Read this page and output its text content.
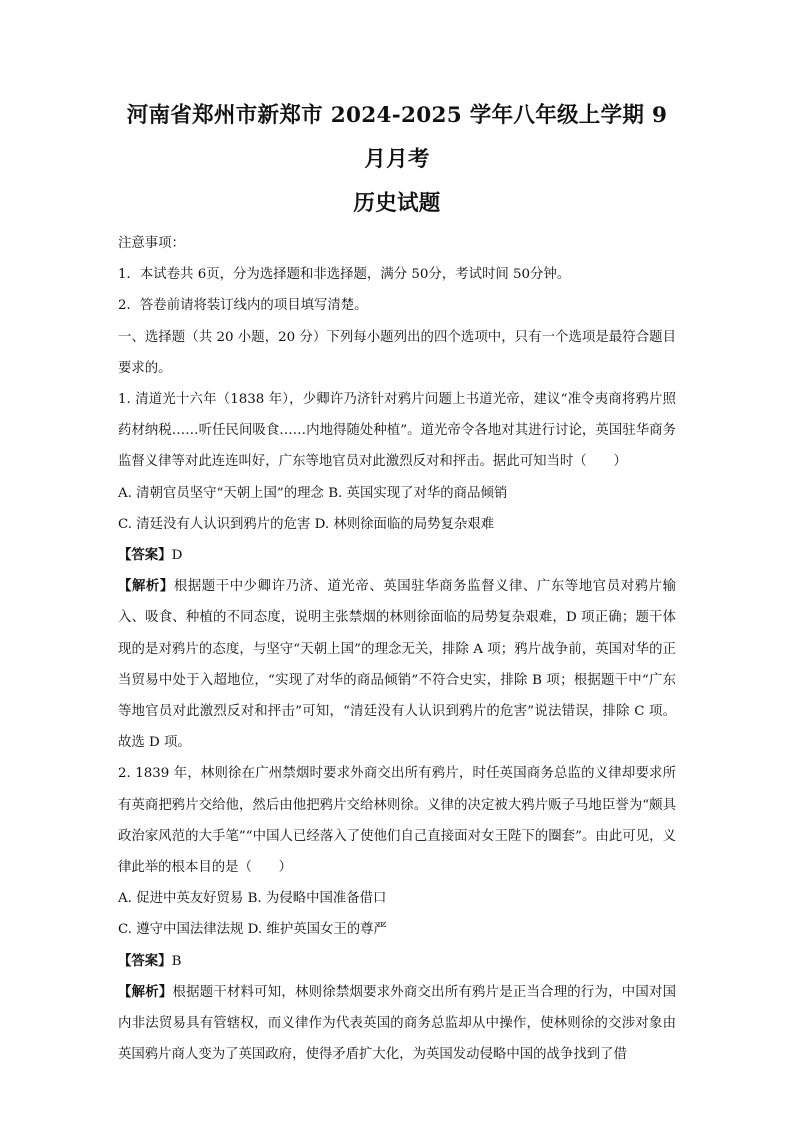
河南省郑州市新郑市 2024-2025 学年八年级上学期 9 月月考

历史试题

注意事项：

1．本试卷共 6页，分为选择题和非选择题，满分 50分，考试时间 50分钟。

2．答卷前请将装订线内的项目填写清楚。

一、选择题（共 20 小题，20 分）下列每小题列出的四个选项中，只有一个选项是最符合题目要求的。

1. 清道光十六年（1838 年），少卿许乃济针对鸦片问题上书道光帝，建议“准令夷商将鸦片照药材纳税……听任民间吸食……内地得随处种植”。道光帝令各地对其进行讨论，英国驻华商务监督义律等对此连连叫好，广东等地官员对此激烈反对和抨击。据此可知当时（　　）

A. 清朝官员坚守“天朝上国”的理念 B. 英国实现了对华的商品倾销

C. 清廷没有人认识到鸦片的危害 D. 林则徐面临的局势复杂艰难

【答案】D

【解析】根据题干中少卿许乃济、道光帝、英国驻华商务监督义律、广东等地官员对鸦片输入、吸食、种植的不同态度，说明主张禁烟的林则徐面临的局势复杂艰难，D 项正确；题干体现的是对鸦片的态度，与坚守“天朝上国”的理念无关，排除 A 项；鸦片战争前，英国对华的正当贸易中处于入超地位，“实现了对华的商品倾销”不符合史实，排除 B 项；根据题干中“广东等地官员对此激烈反对和抨击”可知，“清廷没有人认识到鸦片的危害”说法错误，排除 C 项。故选 D 项。

2. 1839 年，林则徐在广州禁烟时要求外商交出所有鸦片，时任英国商务总监的义律却要求所有英商把鸦片交给他，然后由他把鸦片交给林则徐。义律的决定被大鸦片贩子马地臣誉为“颇具政治家风范的大手笔”“中国人已经落入了使他们自己直接面对女王陛下的圈套”。由此可见，义律此举的根本目的是（　　）

A. 促进中英友好贸易 B. 为侵略中国准备借口

C. 遵守中国法律法规 D. 维护英国女王的尊严

【答案】B

【解析】根据题干材料可知，林则徐禁烟要求外商交出所有鸦片是正当合理的行为，中国对国内非法贸易具有管辖权，而义律作为代表英国的商务总监却从中操作，使林则徐的交涉对象由英国鸦片商人变为了英国政府，使得矛盾扩大化，为英国发动侵略中国的战争找到了借
